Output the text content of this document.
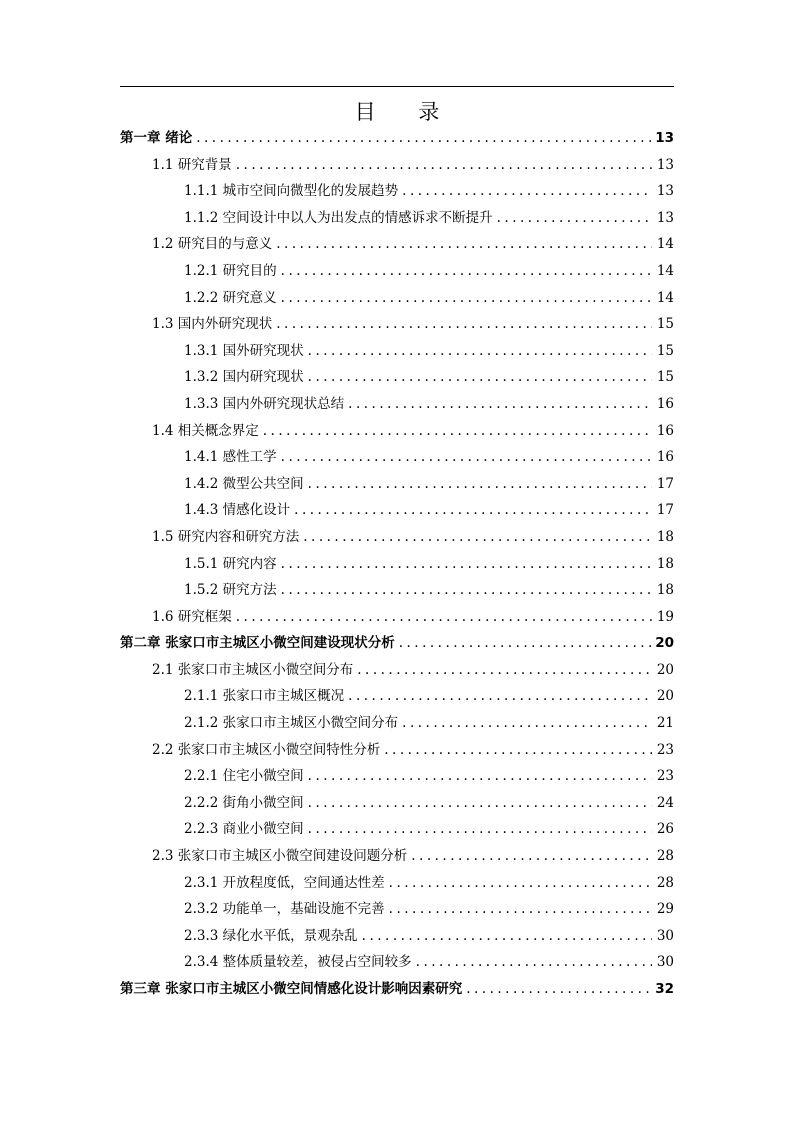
目 录
第一章 绪论 .....	13
1.1 研究背景 .....	13
1.1.1 城市空间向微型化的发展趋势 .....	13
1.1.2 空间设计中以人为出发点的情感诉求不断提升 .....	13
1.2 研究目的与意义 .....	14
1.2.1 研究目的 .....	14
1.2.2 研究意义 .....	14
1.3 国内外研究现状 .....	15
1.3.1 国外研究现状 .....	15
1.3.2 国内研究现状 .....	15
1.3.3 国内外研究现状总结 .....	16
1.4 相关概念界定 .....	16
1.4.1 感性工学 .....	16
1.4.2 微型公共空间 .....	17
1.4.3 情感化设计 .....	17
1.5 研究内容和研究方法 .....	18
1.5.1 研究内容 .....	18
1.5.2 研究方法 .....	18
1.6 研究框架 .....	19
第二章 张家口市主城区小微空间建设现状分析 .....	20
2.1 张家口市主城区小微空间分布 .....	20
2.1.1 张家口市主城区概况 .....	20
2.1.2 张家口市主城区小微空间分布 .....	21
2.2 张家口市主城区小微空间特性分析 .....	23
2.2.1 住宅小微空间 .....	23
2.2.2 街角小微空间 .....	24
2.2.3 商业小微空间 .....	26
2.3 张家口市主城区小微空间建设问题分析 .....	28
2.3.1 开放程度低，空间通达性差 .....	28
2.3.2 功能单一，基础设施不完善 .....	29
2.3.3 绿化水平低，景观杂乱 .....	30
2.3.4 整体质量较差，被侵占空间较多 .....	30
第三章 张家口市主城区小微空间情感化设计影响因素研究 .....	32
